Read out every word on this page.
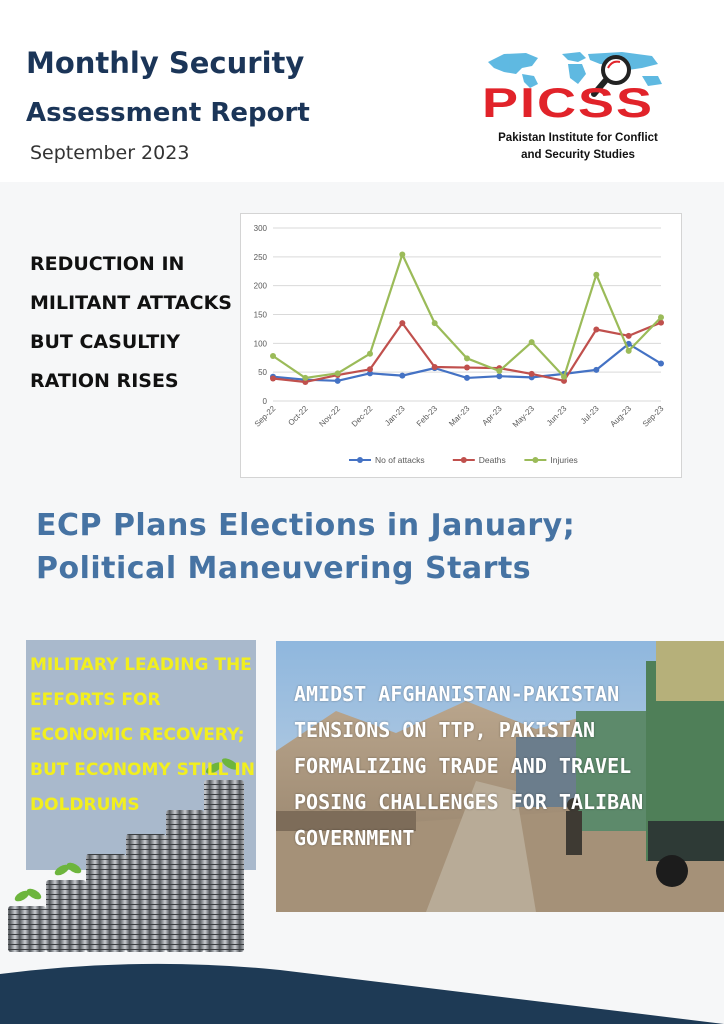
Monthly Security
Assessment Report
September 2023
PICSS
Pakistan Institute for Conflict
and Security Studies
REDUCTION IN MILITANT ATTACKS BUT CASULTIY RATION RISES
0
50
100
150
200
250
300
Sep-22 Oct-22 Nov-22 Dec-22 Jan-23 Feb-23 Mar-23 Apr-23 May-23 Jun-23 Jul-23 Aug-23 Sep-23
No of attacks	Deaths	Injuries
ECP Plans Elections in January; Political Maneuvering Starts
MILITARY LEADING THE EFFORTS FOR ECONOMIC RECOVERY; BUT ECONOMY STILL IN DOLDRUMS
AMIDST AFGHANISTAN-PAKISTAN TENSIONS ON TTP, PAKISTAN FORMALIZING TRADE AND TRAVEL POSING CHALLENGES FOR TALIBAN GOVERNMENT
